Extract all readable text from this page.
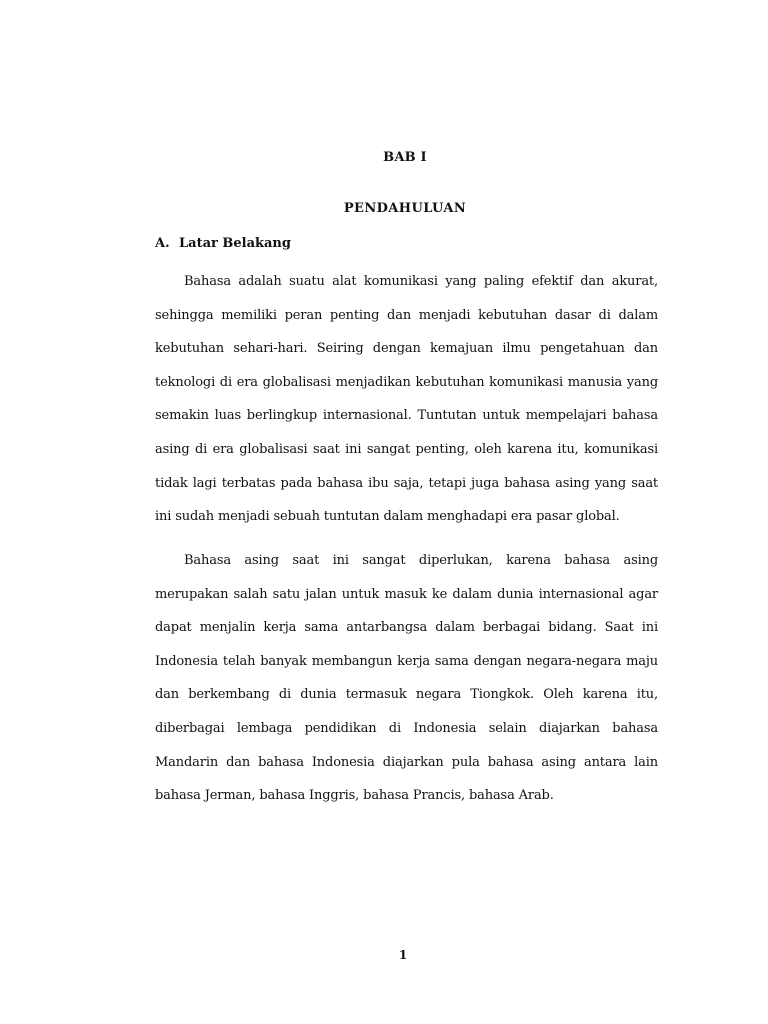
BAB I
PENDAHULUAN
A. Latar Belakang

Bahasa adalah suatu alat komunikasi yang paling efektif dan akurat, sehingga memiliki peran penting dan menjadi kebutuhan dasar di dalam kebutuhan sehari-hari. Seiring dengan kemajuan ilmu pengetahuan dan teknologi di era globalisasi menjadikan kebutuhan komunikasi manusia yang semakin luas berlingkup internasional. Tuntutan untuk mempelajari bahasa asing di era globalisasi saat ini sangat penting, oleh karena itu, komunikasi tidak lagi terbatas pada bahasa ibu saja, tetapi juga bahasa asing yang saat ini sudah menjadi sebuah tuntutan dalam menghadapi era pasar global.

Bahasa asing saat ini sangat diperlukan, karena bahasa asing merupakan salah satu jalan untuk masuk ke dalam dunia internasional agar dapat menjalin kerja sama antarbangsa dalam berbagai bidang. Saat ini Indonesia telah banyak membangun kerja sama dengan negara-negara maju dan berkembang di dunia termasuk negara Tiongkok. Oleh karena itu, diberbagai lembaga pendidikan di Indonesia selain diajarkan bahasa Mandarin dan bahasa Indonesia diajarkan pula bahasa asing antara lain bahasa Jerman, bahasa Inggris, bahasa Prancis, bahasa Arab.

1
